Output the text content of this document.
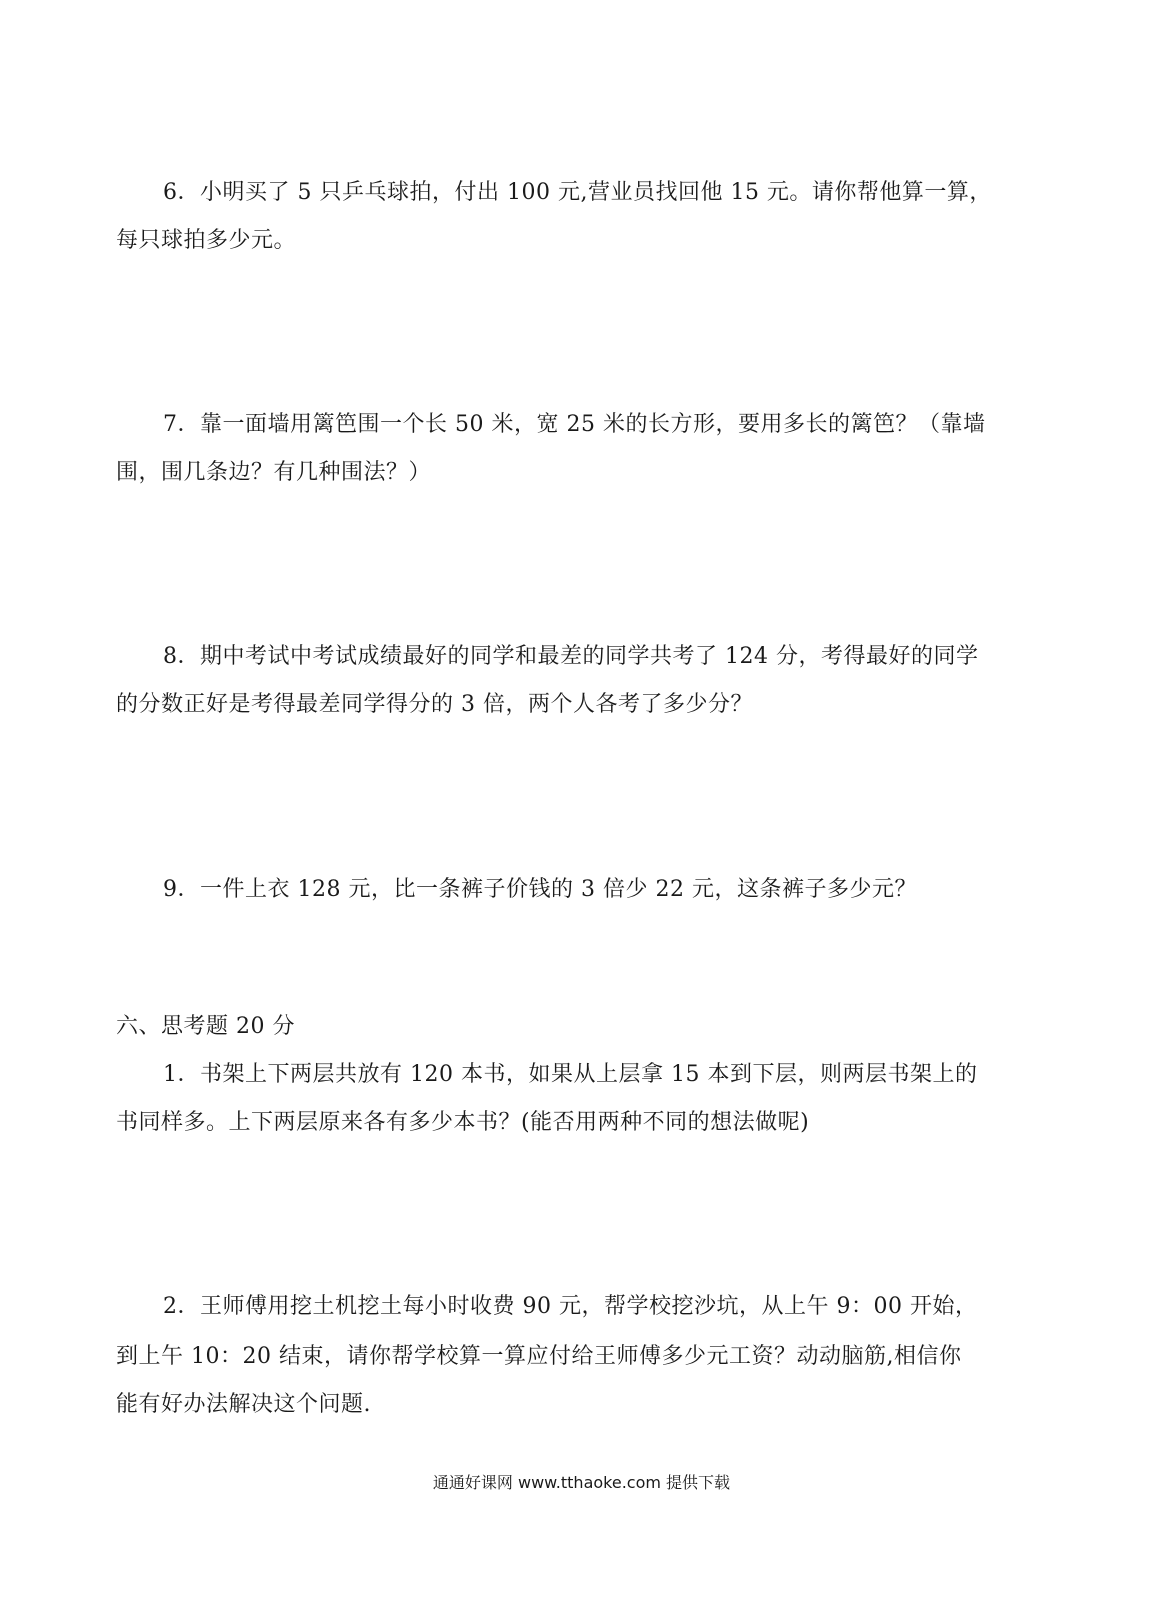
6．小明买了 5 只乒乓球拍，付出 100 元,营业员找回他 15 元。请你帮他算一算，
每只球拍多少元。
7．靠一面墙用篱笆围一个长 50 米，宽 25 米的长方形，要用多长的篱笆？（靠墙
围，围几条边？有几种围法？）
8．期中考试中考试成绩最好的同学和最差的同学共考了 124 分，考得最好的同学
的分数正好是考得最差同学得分的 3 倍，两个人各考了多少分？
9．一件上衣 128 元，比一条裤子价钱的 3 倍少 22 元，这条裤子多少元？
六、思考题 20 分
1．书架上下两层共放有 120 本书，如果从上层拿 15 本到下层，则两层书架上的
书同样多。上下两层原来各有多少本书？(能否用两种不同的想法做呢)
2．王师傅用挖土机挖土每小时收费 90 元，帮学校挖沙坑，从上午 9：00 开始，
到上午 10：20 结束，请你帮学校算一算应付给王师傅多少元工资？动动脑筋,相信你
能有好办法解决这个问题.
通通好课网 www.tthaoke.com 提供下载
